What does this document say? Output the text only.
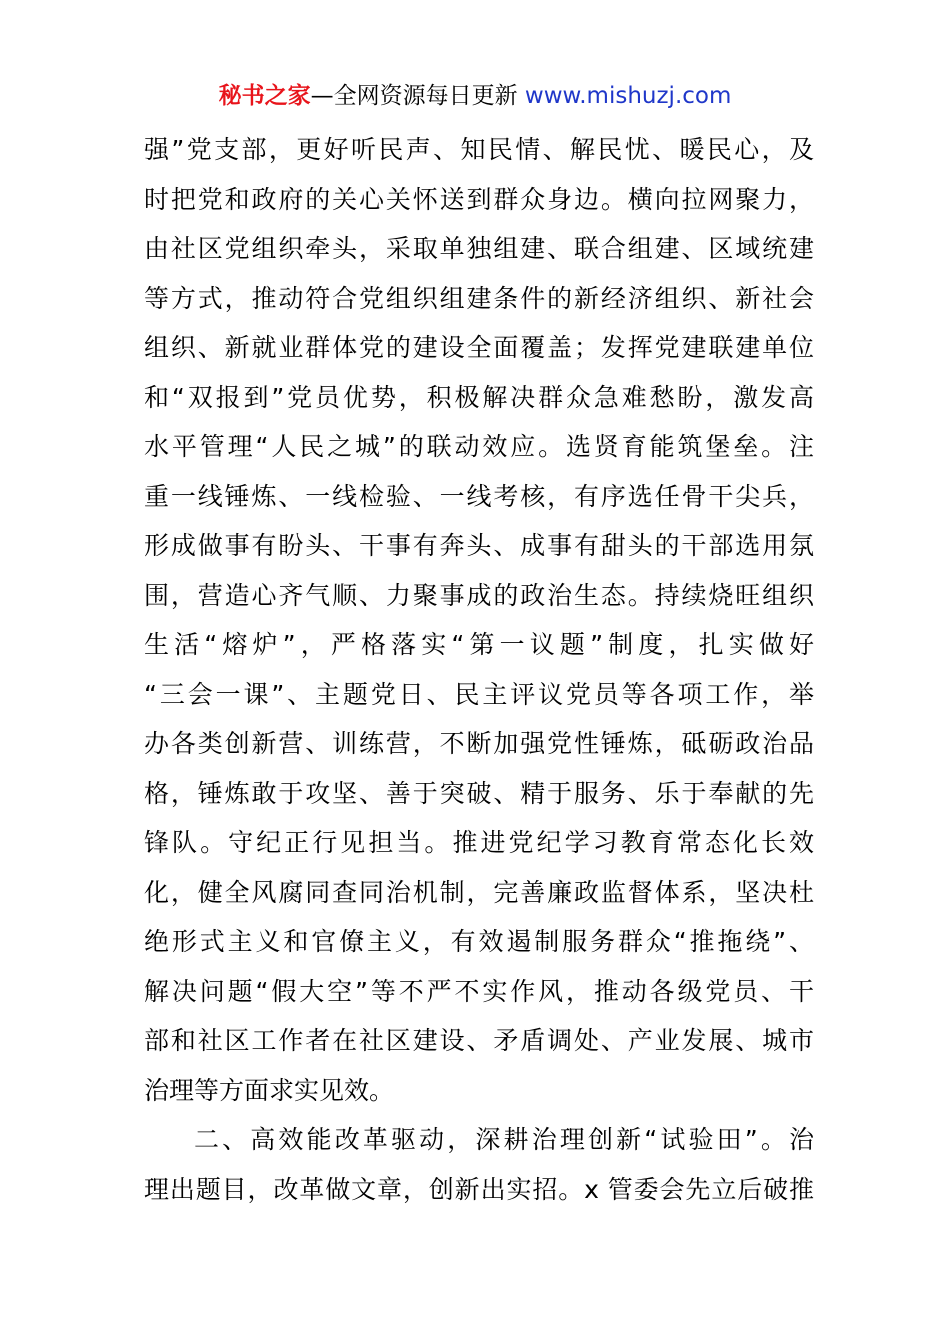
秘书之家—全网资源每日更新 www.mishuzj.com
强”党支部，更好听民声、知民情、解民忧、暖民心，及
时把党和政府的关心关怀送到群众身边。横向拉网聚力，
由社区党组织牵头，采取单独组建、联合组建、区域统建
等方式，推动符合党组织组建条件的新经济组织、新社会
组织、新就业群体党的建设全面覆盖；发挥党建联建单位
和“双报到”党员优势，积极解决群众急难愁盼，激发高
水平管理“人民之城”的联动效应。选贤育能筑堡垒。注
重一线锤炼、一线检验、一线考核，有序选任骨干尖兵，
形成做事有盼头、干事有奔头、成事有甜头的干部选用氛
围，营造心齐气顺、力聚事成的政治生态。持续烧旺组织
生活“熔炉”，严格落实“第一议题”制度，扎实做好
“三会一课”、主题党日、民主评议党员等各项工作，举
办各类创新营、训练营，不断加强党性锤炼，砥砺政治品
格，锤炼敢于攻坚、善于突破、精于服务、乐于奉献的先
锋队。守纪正行见担当。推进党纪学习教育常态化长效
化，健全风腐同查同治机制，完善廉政监督体系，坚决杜
绝形式主义和官僚主义，有效遏制服务群众“推拖绕”、
解决问题“假大空”等不严不实作风，推动各级党员、干
部和社区工作者在社区建设、矛盾调处、产业发展、城市
治理等方面求实见效。
二、高效能改革驱动，深耕治理创新“试验田”。治
理出题目，改革做文章，创新出实招。x 管委会先立后破推
